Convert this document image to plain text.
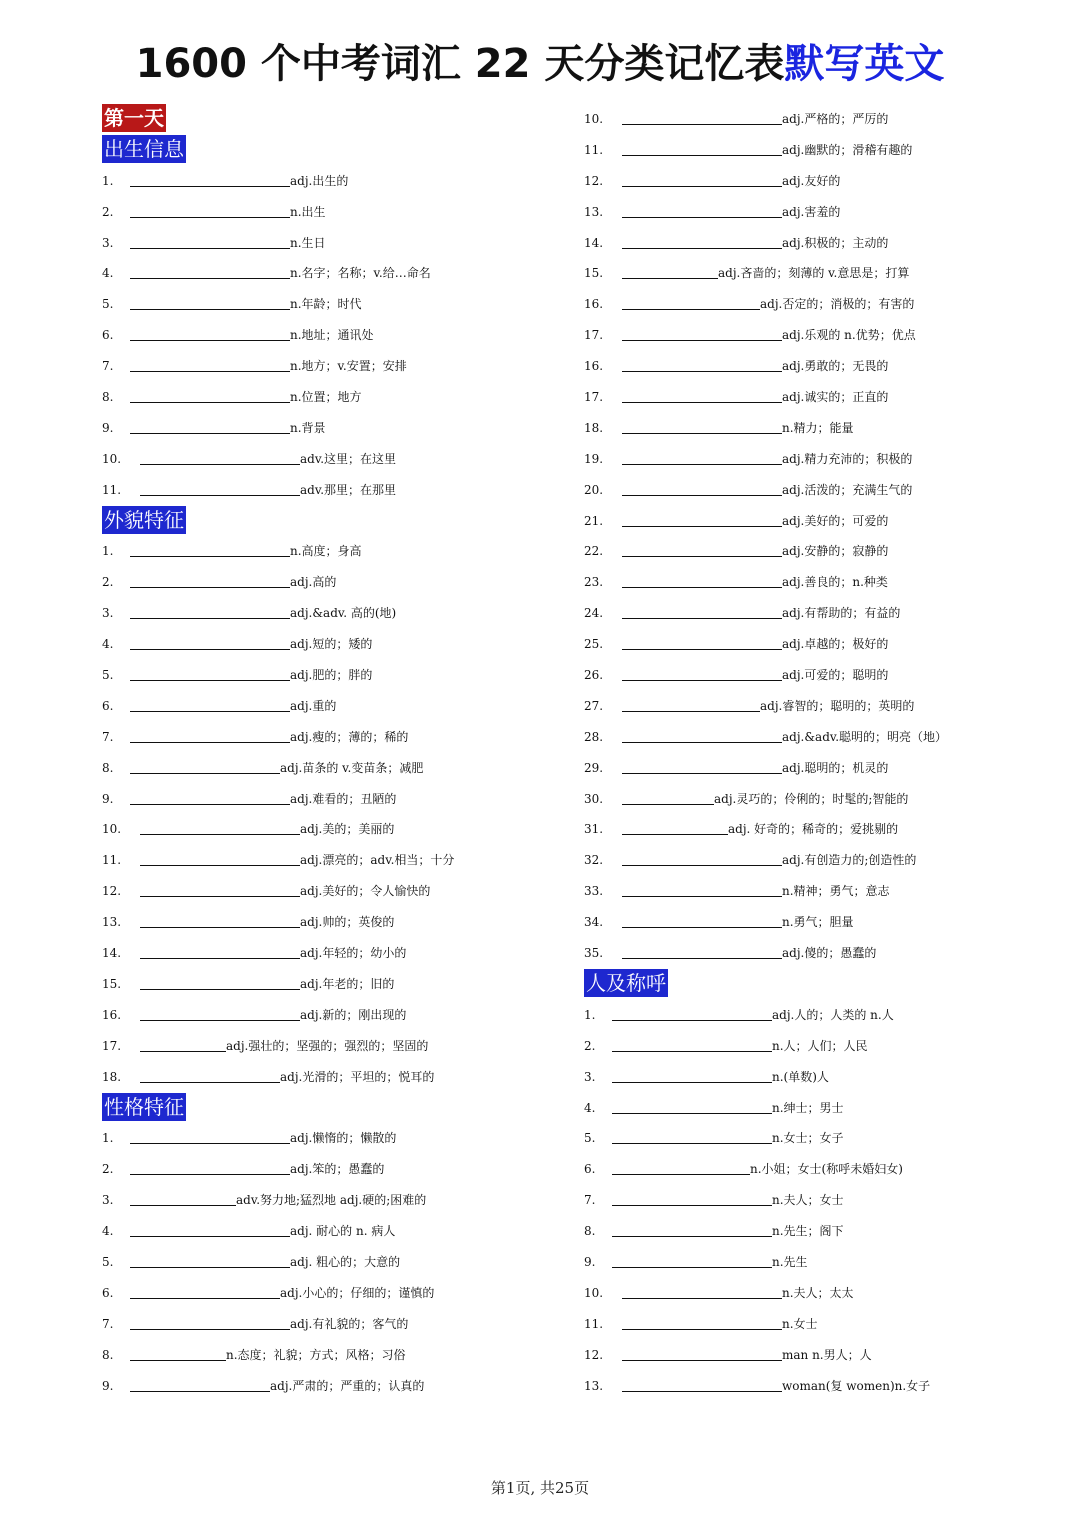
1600 个中考词汇 22 天分类记忆表默写英文
第一天
出生信息
1.	adj.出生的
2.	n.出生
3.	n.生日
4.	n.名字；名称；v.给…命名
5.	n.年龄；时代
6.	n.地址；通讯处
7.	n.地方；v.安置；安排
8.	n.位置；地方
9.	n.背景
10.	adv.这里；在这里
11.	adv.那里；在那里
外貌特征
1.	n.高度；身高
2.	adj.高的
3.	adj.&adv. 高的(地)
4.	adj.短的；矮的
5.	adj.肥的；胖的
6.	adj.重的
7.	adj.瘦的；薄的；稀的
8.	adj.苗条的 v.变苗条；减肥
9.	adj.难看的；丑陋的
10.	adj.美的；美丽的
11.	adj.漂亮的；adv.相当；十分
12.	adj.美好的；令人愉快的
13.	adj.帅的；英俊的
14.	adj.年轻的；幼小的
15.	adj.年老的；旧的
16.	adj.新的；刚出现的
17.	adj.强壮的；坚强的；强烈的；坚固的
18.	adj.光滑的；平坦的；悦耳的
性格特征
1.	adj.懒惰的；懒散的
2.	adj.笨的；愚蠢的
3.	adv.努力地;猛烈地 adj.硬的;困难的
4.	adj. 耐心的 n. 病人
5.	adj. 粗心的；大意的
6.	adj.小心的；仔细的；谨慎的
7.	adj.有礼貌的；客气的
8.	n.态度；礼貌；方式；风格；习俗
9.	adj.严肃的；严重的；认真的
10.	adj.严格的；严厉的
11.	adj.幽默的；滑稽有趣的
12.	adj.友好的
13.	adj.害羞的
14.	adj.积极的；主动的
15.	adj.吝啬的；刻薄的 v.意思是；打算
16.	adj.否定的；消极的；有害的
17.	adj.乐观的 n.优势；优点
16.	adj.勇敢的；无畏的
17.	adj.诚实的；正直的
18.	n.精力；能量
19.	adj.精力充沛的；积极的
20.	adj.活泼的；充满生气的
21.	adj.美好的；可爱的
22.	adj.安静的；寂静的
23.	adj.善良的；n.种类
24.	adj.有帮助的；有益的
25.	adj.卓越的；极好的
26.	adj.可爱的；聪明的
27.	adj.睿智的；聪明的；英明的
28.	adj.&adv.聪明的；明亮（地）
29.	adj.聪明的；机灵的
30.	adj.灵巧的；伶俐的；时髦的;智能的
31.	adj. 好奇的；稀奇的；爱挑剔的
32.	adj.有创造力的;创造性的
33.	n.精神；勇气；意志
34.	n.勇气；胆量
35.	adj.傻的；愚蠢的
人及称呼
1.	adj.人的；人类的 n.人
2.	n.人；人们；人民
3.	n.(单数)人
4.	n.绅士；男士
5.	n.女士；女子
6.	n.小姐；女士(称呼未婚妇女)
7.	n.夫人；女士
8.	n.先生；阁下
9.	n.先生
10.	n.夫人；太太
11.	n.女士
12.	man n.男人；人
13.	woman(复 women)n.女子
第1页, 共25页
